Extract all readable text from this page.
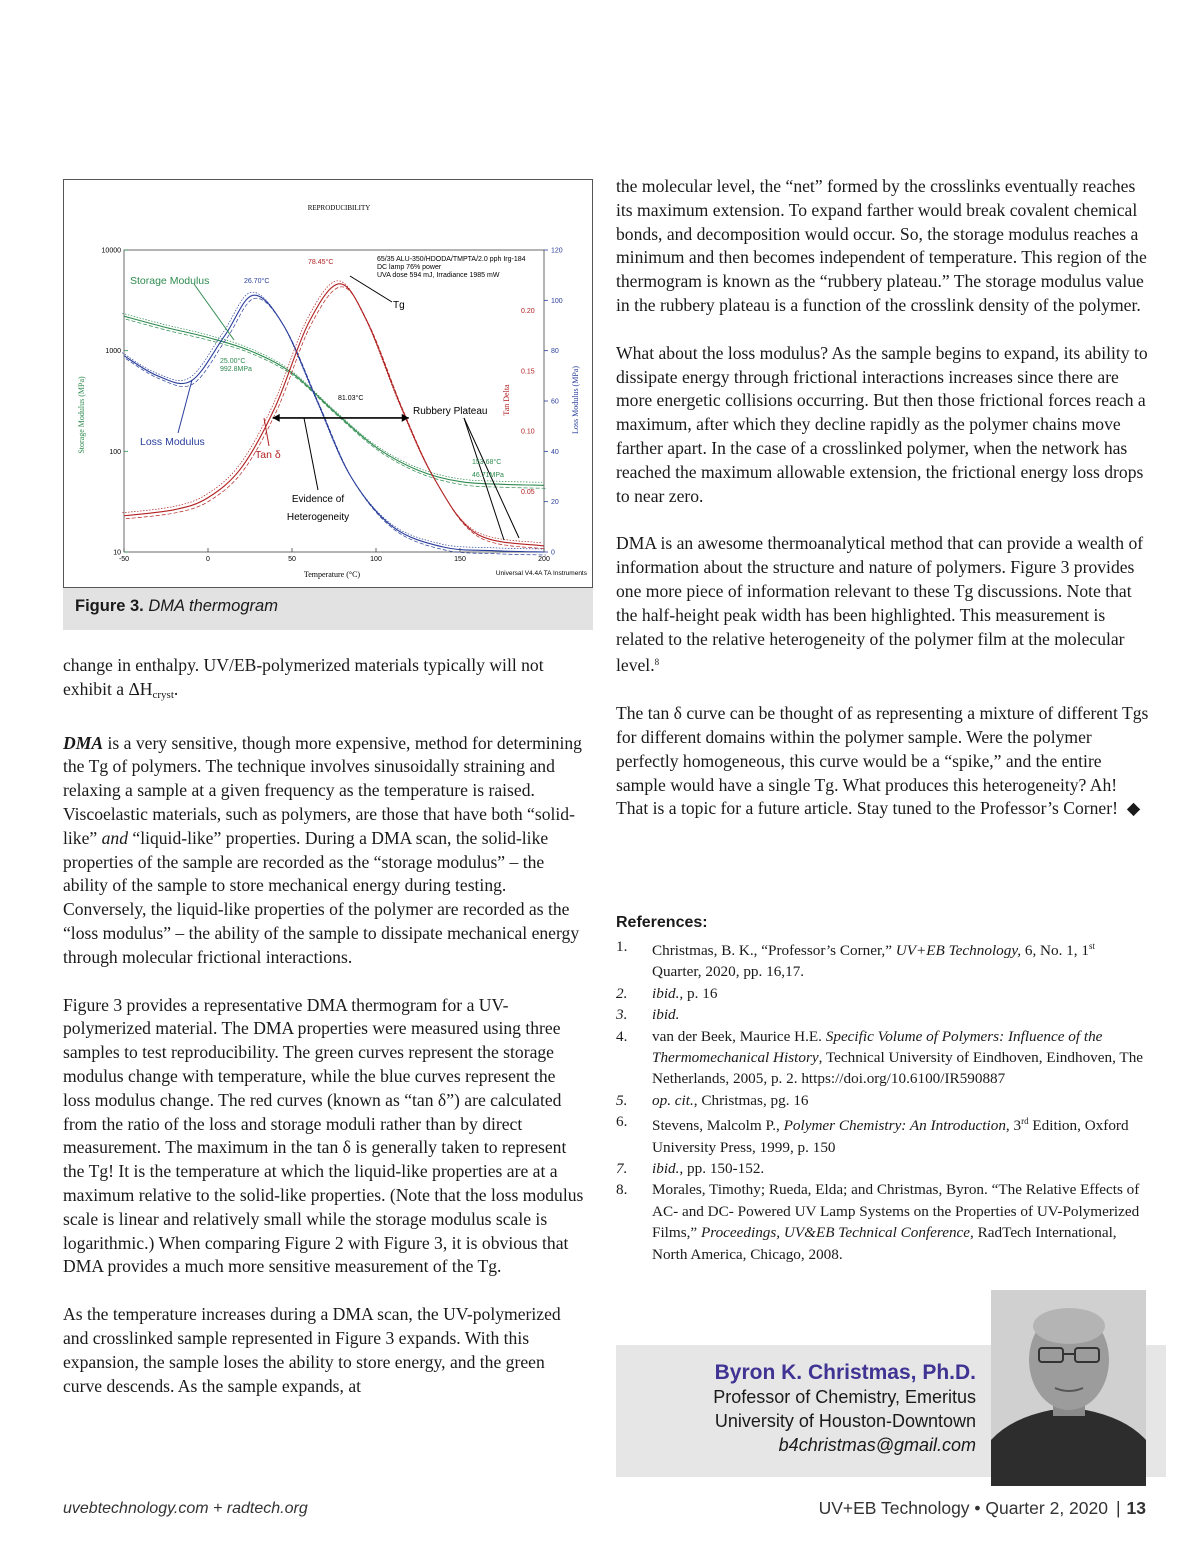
REPRODUCIBILITY
-50	0	50	100	150	200
10000
1000
100
10
120
100
80
60
40
20
0
0.20
0.15
0.10
0.05
65/35 ALU-350/HDODA/TMPTA/2.0 pph Irg-184
DC lamp 76% power
UVA dose 594 mJ, Irradiance 1985 mW
Universal V4.4A TA Instruments
Temperature (°C)
Storage Modulus (MPa)	Tan Delta	Loss Modulus (MPa)
Storage Modulus
Loss Modulus
Tan δ
Tg
Rubbery Plateau
Evidence of
Heterogeneity
26.70°C
78.45°C
25.00°C
992.8MPa
81.03°C
153.68°C
46.71MPa
Figure 3. DMA thermogram

change in enthalpy. UV/EB-polymerized materials typically will not exhibit a $\Delta H_{cryst}$.

DMA is a very sensitive, though more expensive, method for determining the Tg of polymers. The technique involves sinusoidally straining and relaxing a sample at a given frequency as the temperature is raised. Viscoelastic materials, such as polymers, are those that have both “solid-like” and “liquid-like” properties. During a DMA scan, the solid-like properties of the sample are recorded as the “storage modulus” – the ability of the sample to store mechanical energy during testing. Conversely, the liquid-like properties of the polymer are recorded as the “loss modulus” – the ability of the sample to dissipate mechanical energy through molecular frictional interactions.

Figure 3 provides a representative DMA thermogram for a UV-polymerized material. The DMA properties were measured using three samples to test reproducibility. The green curves represent the storage modulus change with temperature, while the blue curves represent the loss modulus change. The red curves (known as “tan δ”) are calculated from the ratio of the loss and storage moduli rather than by direct measurement. The maximum in the tan δ is generally taken to represent the Tg! It is the temperature at which the liquid-like properties are at a maximum relative to the solid-like properties. (Note that the loss modulus scale is linear and relatively small while the storage modulus scale is logarithmic.) When comparing Figure 2 with Figure 3, it is obvious that DMA provides a much more sensitive measurement of the Tg.

As the temperature increases during a DMA scan, the UV-polymerized and crosslinked sample represented in Figure 3 expands. With this expansion, the sample loses the ability to store energy, and the green curve descends. As the sample expands, at

the molecular level, the “net” formed by the crosslinks eventually reaches its maximum extension. To expand farther would break covalent chemical bonds, and decomposition would occur. So, the storage modulus reaches a minimum and then becomes independent of temperature. This region of the thermogram is known as the “rubbery plateau.” The storage modulus value in the rubbery plateau is a function of the crosslink density of the polymer.

What about the loss modulus? As the sample begins to expand, its ability to dissipate energy through frictional interactions increases since there are more energetic collisions occurring. But then those frictional forces reach a maximum, after which they decline rapidly as the polymer chains move farther apart. In the case of a crosslinked polymer, when the network has reached the maximum allowable extension, the frictional energy loss drops to near zero.

DMA is an awesome thermoanalytical method that can provide a wealth of information about the structure and nature of polymers. Figure 3 provides one more piece of information relevant to these Tg discussions. Note that the half-height peak width has been highlighted. This measurement is related to the relative heterogeneity of the polymer film at the molecular level.$^8$

The tan δ curve can be thought of as representing a mixture of different Tgs for different domains within the polymer sample. Were the polymer perfectly homogeneous, this curve would be a “spike,” and the entire sample would have a single Tg. What produces this heterogeneity? Ah! That is a topic for a future article. Stay tuned to the Professor’s Corner! ◆

References:
1. Christmas, B. K., “Professor’s Corner,” UV+EB Technology, 6, No. 1, 1st Quarter, 2020, pp. 16,17.
2. ibid., p. 16
3. ibid.
4. van der Beek, Maurice H.E. Specific Volume of Polymers: Influence of the Thermomechanical History, Technical University of Eindhoven, Eindhoven, The Netherlands, 2005, p. 2. https://doi.org/10.6100/IR590887
5. op. cit., Christmas, pg. 16
6. Stevens, Malcolm P., Polymer Chemistry: An Introduction, 3rd Edition, Oxford University Press, 1999, p. 150
7. ibid., pp. 150-152.
8. Morales, Timothy; Rueda, Elda; and Christmas, Byron. “The Relative Effects of AC- and DC- Powered UV Lamp Systems on the Properties of UV-Polymerized Films,” Proceedings, UV&EB Technical Conference, RadTech International, North America, Chicago, 2008.
Byron K. Christmas, Ph.D.
Professor of Chemistry, Emeritus
University of Houston-Downtown
b4christmas@gmail.com
uvebtechnology.com + radtech.org	UV+EB Technology • Quarter 2, 2020 | 13
